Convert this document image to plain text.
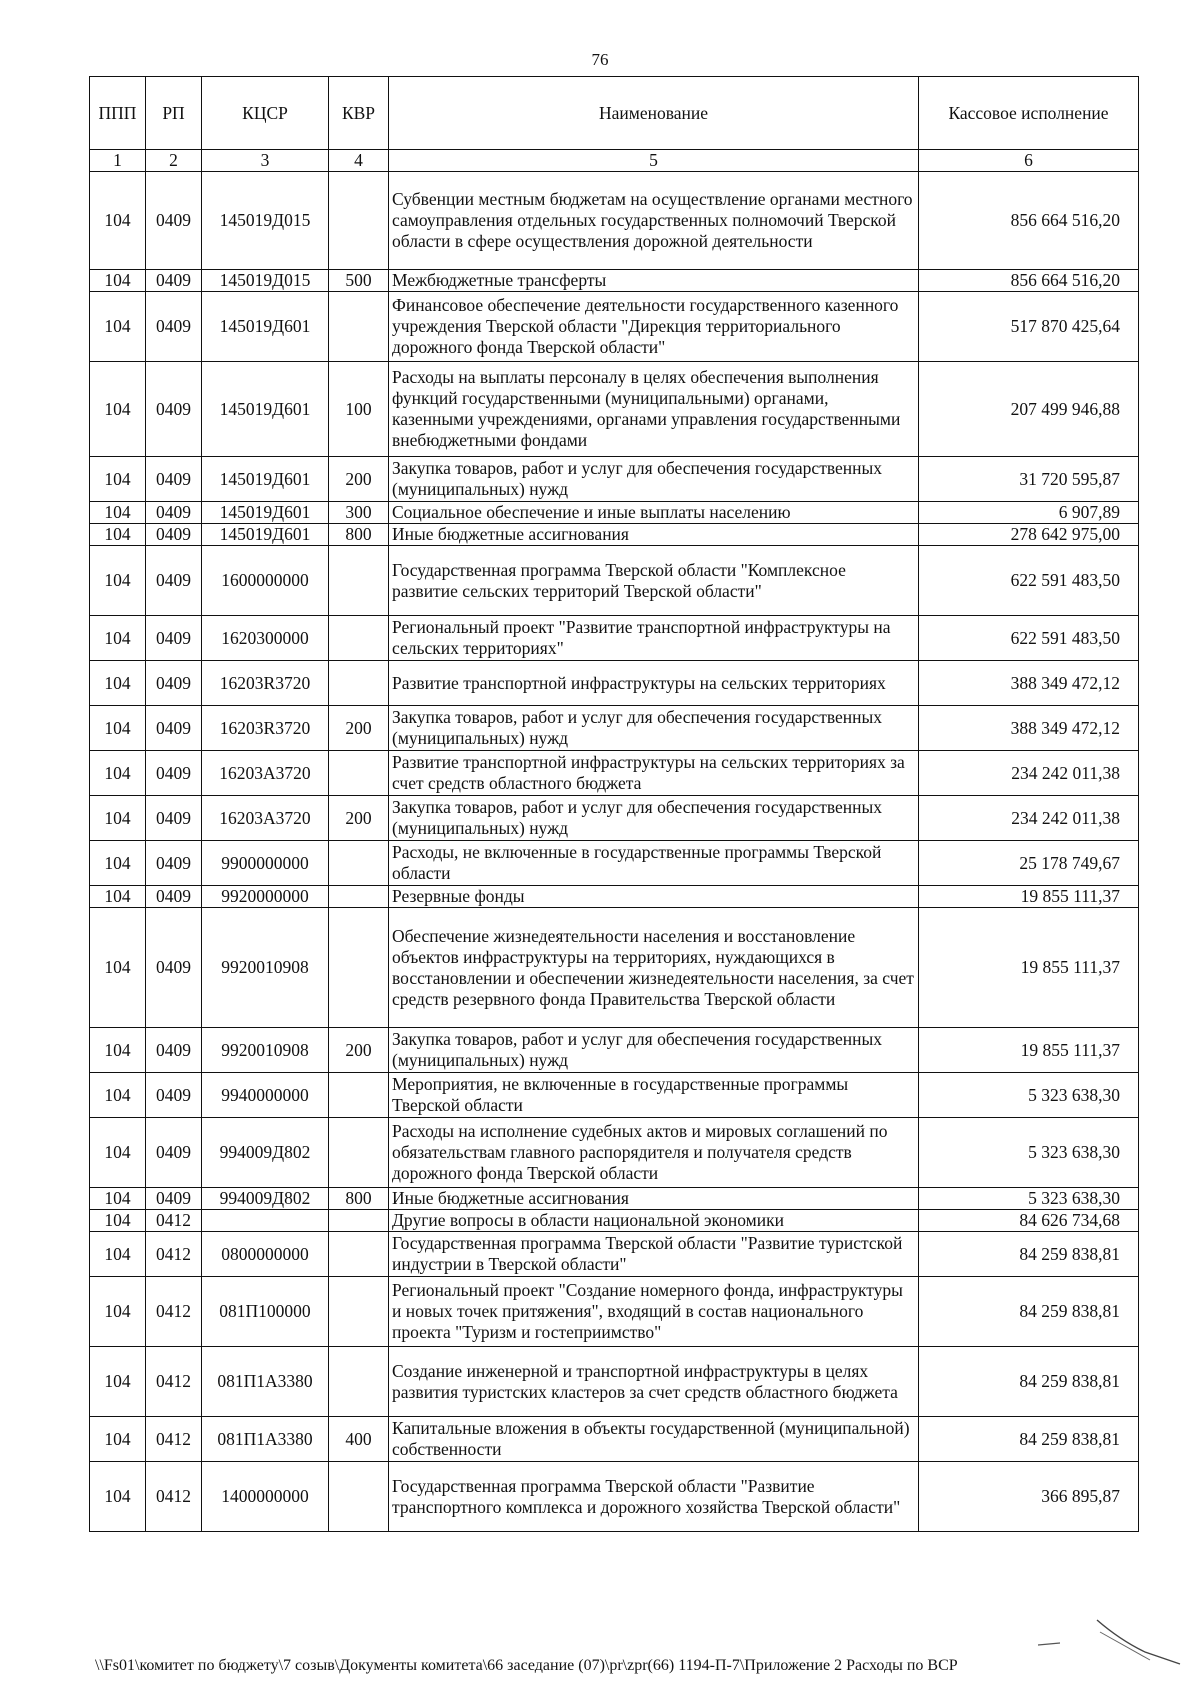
76
ППП	РП	КЦСР	КВР	Наименование	Кассовое исполнение
1	2	3	4	5	6
104	0409	145019Д015		Субвенции местным бюджетам на осуществление органами местного самоуправления отдельных государственных полномочий Тверской области в сфере осуществления дорожной деятельности	856 664 516,20
104	0409	145019Д015	500	Межбюджетные трансферты	856 664 516,20
104	0409	145019Д601		Финансовое обеспечение деятельности государственного казенного учреждения Тверской области "Дирекция территориального дорожного фонда Тверской области"	517 870 425,64
104	0409	145019Д601	100	Расходы на выплаты персоналу в целях обеспечения выполнения функций государственными (муниципальными) органами, казенными учреждениями, органами управления государственными внебюджетными фондами	207 499 946,88
104	0409	145019Д601	200	Закупка товаров, работ и услуг для обеспечения государственных (муниципальных) нужд	31 720 595,87
104	0409	145019Д601	300	Социальное обеспечение и иные выплаты населению	6 907,89
104	0409	145019Д601	800	Иные бюджетные ассигнования	278 642 975,00
104	0409	1600000000		Государственная программа Тверской области "Комплексное развитие сельских территорий Тверской области"	622 591 483,50
104	0409	1620300000		Региональный проект "Развитие транспортной инфраструктуры на сельских территориях"	622 591 483,50
104	0409	16203R3720		Развитие транспортной инфраструктуры на сельских территориях	388 349 472,12
104	0409	16203R3720	200	Закупка товаров, работ и услуг для обеспечения государственных (муниципальных) нужд	388 349 472,12
104	0409	16203А3720		Развитие транспортной инфраструктуры на сельских территориях за счет средств областного бюджета	234 242 011,38
104	0409	16203А3720	200	Закупка товаров, работ и услуг для обеспечения государственных (муниципальных) нужд	234 242 011,38
104	0409	9900000000		Расходы, не включенные в государственные программы Тверской области	25 178 749,67
104	0409	9920000000		Резервные фонды	19 855 111,37
104	0409	9920010908		Обеспечение жизнедеятельности населения и восстановление объектов инфраструктуры на территориях, нуждающихся в восстановлении и обеспечении жизнедеятельности населения, за счет средств резервного фонда Правительства Тверской области	19 855 111,37
104	0409	9920010908	200	Закупка товаров, работ и услуг для обеспечения государственных (муниципальных) нужд	19 855 111,37
104	0409	9940000000		Мероприятия, не включенные в государственные программы Тверской области	5 323 638,30
104	0409	994009Д802		Расходы на исполнение судебных актов и мировых соглашений по обязательствам главного распорядителя и получателя средств дорожного фонда Тверской области	5 323 638,30
104	0409	994009Д802	800	Иные бюджетные ассигнования	5 323 638,30
104	0412			Другие вопросы в области национальной экономики	84 626 734,68
104	0412	0800000000		Государственная программа Тверской области "Развитие туристской индустрии в Тверской области"	84 259 838,81
104	0412	081П100000		Региональный проект "Создание номерного фонда, инфраструктуры и новых точек притяжения", входящий в состав национального проекта "Туризм и гостеприимство"	84 259 838,81
104	0412	081П1А3380		Создание инженерной и транспортной инфраструктуры в целях развития туристских кластеров за счет средств областного бюджета	84 259 838,81
104	0412	081П1А3380	400	Капитальные вложения в объекты государственной (муниципальной) собственности	84 259 838,81
104	0412	1400000000		Государственная программа Тверской области "Развитие транспортного комплекса и дорожного хозяйства Тверской области"	366 895,87
\\Fs01\комитет по бюджету\7 созыв\Документы комитета\66 заседание (07)\pr\zpr(66) 1194-П-7\Приложение 2 Расходы по ВСР
